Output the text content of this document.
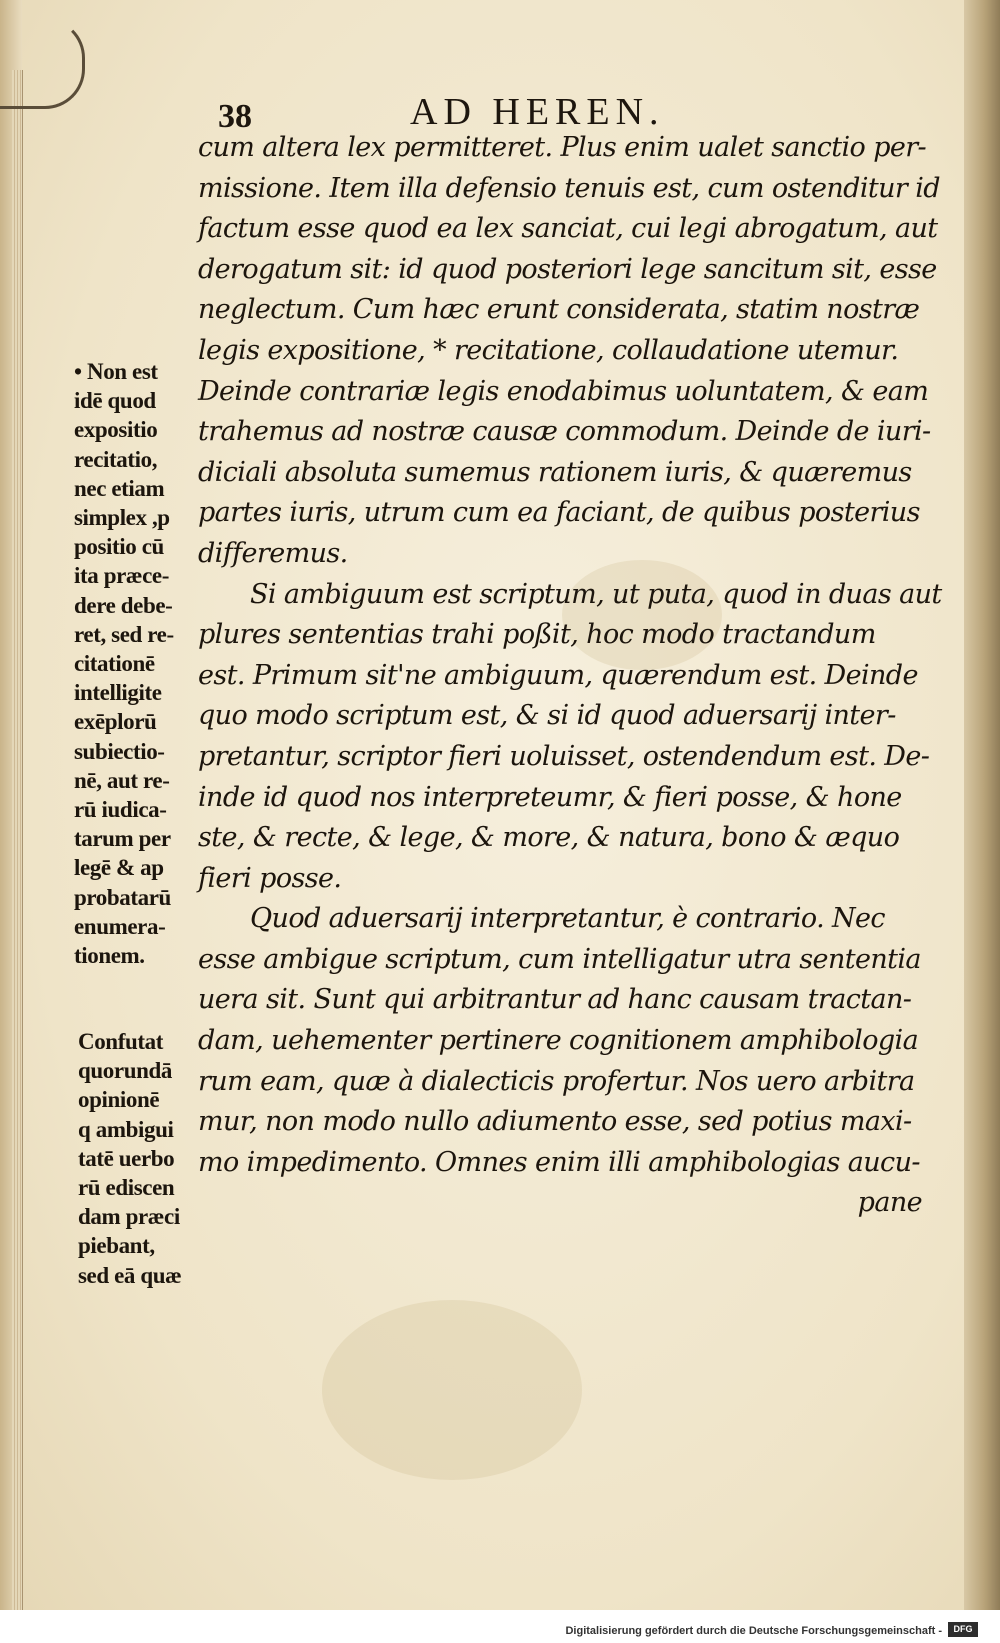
38	AD HEREN.
cum altera lex permitteret. Plus enim ualet sanctio per-
missione. Item illa defensio tenuis est, cum ostenditur id
factum esse quod ea lex sanciat, cui legi abrogatum, aut
derogatum sit: id quod posteriori lege sancitum sit, esse
neglectum. Cum hæc erunt considerata, statim nostræ
legis expositione, * recitatione, collaudatione utemur.
Deinde contrariæ legis enodabimus uoluntatem, & eam
trahemus ad nostræ causæ commodum. Deinde de iuri-
diciali absoluta sumemus rationem iuris, & quæremus
partes iuris, utrum cum ea faciant, de quibus posterius
differemus.
Si ambiguum est scriptum, ut puta, quod in duas aut
plures sententias trahi poßit, hoc modo tractandum
est. Primum sit'ne ambiguum, quærendum est. Deinde
quo modo scriptum est, & si id quod aduersarij inter-
pretantur, scriptor fieri uoluisset, ostendendum est. De-
inde id quod nos interpreteumr, & fieri posse, & hone
ste, & recte, & lege, & more, & natura, bono & æquo
fieri posse.
Quod aduersarij interpretantur, è contrario. Nec
esse ambigue scriptum, cum intelligatur utra sententia
uera sit. Sunt qui arbitrantur ad hanc causam tractan-
dam, uehementer pertinere cognitionem amphibologia
rum eam, quæ à dialecticis profertur. Nos uero arbitra
mur, non modo nullo adiumento esse, sed potius maxi-
mo impedimento. Omnes enim illi amphibologias aucu-
pane
• Non est
idē quod
expositio
recitatio,
nec etiam
simplex ,p
positio cū
ita præce-
dere debe-
ret, sed re-
citationē
intelligite
exēplorū
subiectio-
nē, aut re-
rū iudica-
tarum per
legē & ap
probatarū
enumera-
tionem.
Confutat
quorundā
opinionē
q ambigui
tatē uerbo
rū ediscen
dam præci
piebant,
sed eā quæ
Digitalisierung gefördert durch die Deutsche Forschungsgemeinschaft -	DFG
